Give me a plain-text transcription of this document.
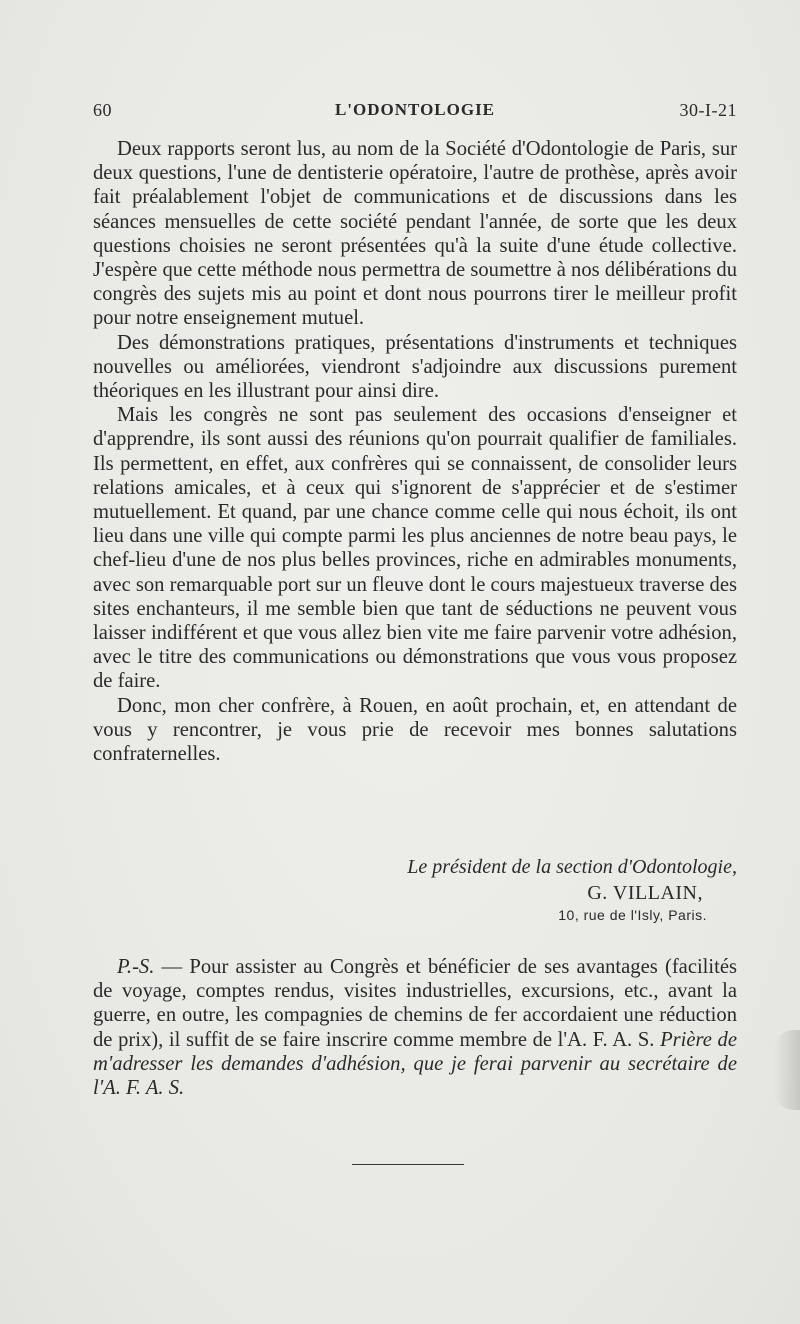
60	L'ODONTOLOGIE	30-I-21

Deux rapports seront lus, au nom de la Société d'Odontologie de Paris, sur deux questions, l'une de dentisterie opératoire, l'autre de prothèse, après avoir fait préalablement l'objet de communications et de discussions dans les séances mensuelles de cette société pendant l'année, de sorte que les deux questions choisies ne seront présentées qu'à la suite d'une étude collective. J'espère que cette méthode nous permettra de soumettre à nos délibérations du congrès des sujets mis au point et dont nous pourrons tirer le meilleur profit pour notre enseignement mutuel.

Des démonstrations pratiques, présentations d'instruments et techniques nouvelles ou améliorées, viendront s'adjoindre aux discussions purement théoriques en les illustrant pour ainsi dire.

Mais les congrès ne sont pas seulement des occasions d'enseigner et d'apprendre, ils sont aussi des réunions qu'on pourrait qualifier de familiales. Ils permettent, en effet, aux confrères qui se connaissent, de consolider leurs relations amicales, et à ceux qui s'ignorent de s'apprécier et de s'estimer mutuellement. Et quand, par une chance comme celle qui nous échoit, ils ont lieu dans une ville qui compte parmi les plus anciennes de notre beau pays, le chef-lieu d'une de nos plus belles provinces, riche en admirables monuments, avec son remarquable port sur un fleuve dont le cours majestueux traverse des sites enchanteurs, il me semble bien que tant de séductions ne peuvent vous laisser indifférent et que vous allez bien vite me faire parvenir votre adhésion, avec le titre des communications ou démonstrations que vous vous proposez de faire.

Donc, mon cher confrère, à Rouen, en août prochain, et, en attendant de vous y rencontrer, je vous prie de recevoir mes bonnes salutations confraternelles.

Le président de la section d'Odontologie,
G. VILLAIN,
10, rue de l'Isly, Paris.

P.-S. — Pour assister au Congrès et bénéficier de ses avantages (facilités de voyage, comptes rendus, visites industrielles, excursions, etc., avant la guerre, en outre, les compagnies de chemins de fer accordaient une réduction de prix), il suffit de se faire inscrire comme membre de l'A. F. A. S. Prière de m'adresser les demandes d'adhésion, que je ferai parvenir au secrétaire de l'A. F. A. S.
